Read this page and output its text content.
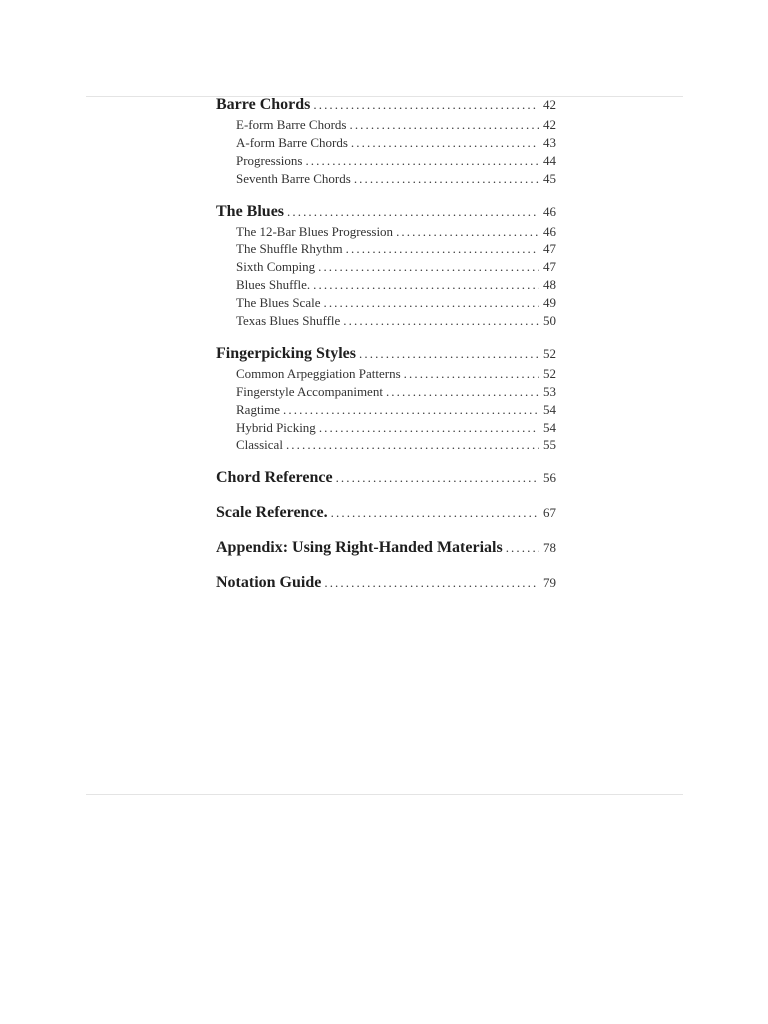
Barre Chords .....	42
E-form Barre Chords .....	42
A-form Barre Chords .....	43
Progressions .....	44
Seventh Barre Chords .....	45
The Blues .....	46
The 12-Bar Blues Progression .....	46
The Shuffle Rhythm .....	47
Sixth Comping .....	47
Blues Shuffle. .....	48
The Blues Scale .....	49
Texas Blues Shuffle .....	50
Fingerpicking Styles .....	52
Common Arpeggiation Patterns .....	52
Fingerstyle Accompaniment .....	53
Ragtime .....	54
Hybrid Picking .....	54
Classical .....	55
Chord Reference .....	56
Scale Reference. .....	67
Appendix: Using Right-Handed Materials .....	78
Notation Guide .....	79
